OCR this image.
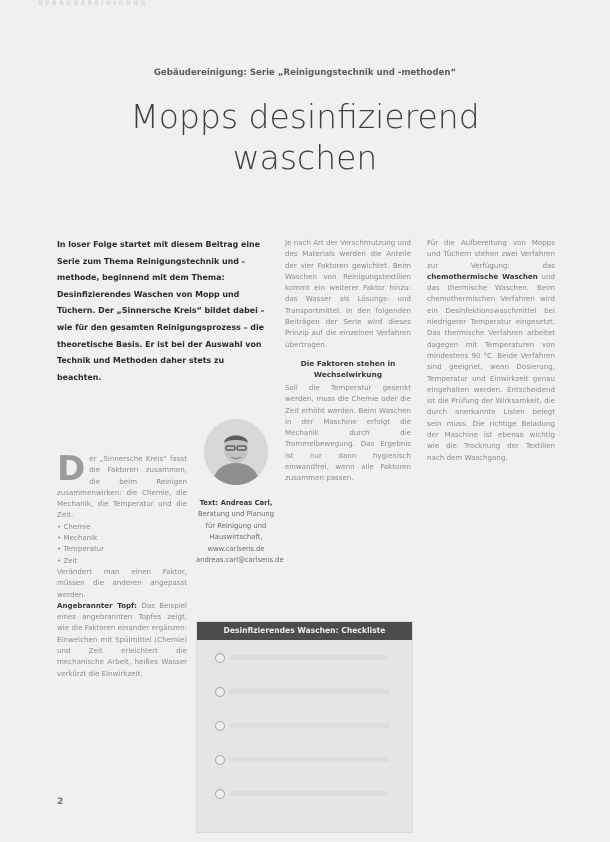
GEBÄUDEREINIGUNG
Gebäudereinigung: Serie „Reinigungstechnik und -methoden“
Mopps desinfizierend
waschen
In loser Folge startet mit diesem Beitrag eine Serie zum Thema Reinigungstechnik und -methode, beginnend mit dem Thema: Desinfizierendes Waschen von Mopp und Tüchern. Der „Sinnersche Kreis“ bildet dabei – wie für den gesamten Reinigungsprozess – die theoretische Basis. Er ist bei der Auswahl von Technik und Methoden daher stets zu beachten.
D er „Sinnersche Kreis“ fasst die Faktoren zusammen, die beim Reinigen zusammenwirken: die Chemie, die Mechanik, die Temperatur und die Zeit.

• Chemie
• Mechanik
• Temperatur
• Zeit

Verändert man einen Faktor, müssen die anderen angepasst werden.

Angebrannter Topf: Das Beispiel eines angebrannten Topfes zeigt, wie die Faktoren einander ergänzen: Einweichen mit Spülmittel (Chemie) und Zeit erleichtert die mechanische Arbeit, heißes Wasser verkürzt die Einwirkzeit.

Je nach Art der Verschmutzung und des Materials werden die Anteile der vier Faktoren gewichtet. Beim Waschen von Reinigungstextilien kommt ein weiterer Faktor hinzu: das Wasser als Lösungs- und Transportmittel. In den folgenden Beiträgen der Serie wird dieses Prinzip auf die einzelnen Verfahren übertragen.

Die Faktoren stehen in Wechselwirkung

Soll die Temperatur gesenkt werden, muss die Chemie oder die Zeit erhöht werden. Beim Waschen in der Maschine erfolgt die Mechanik durch die Trommelbewegung. Das Ergebnis ist nur dann hygienisch einwandfrei, wenn alle Faktoren zusammen passen.

Für die Aufbereitung von Mopps und Tüchern stehen zwei Verfahren zur Verfügung: das chemothermische Waschen und das thermische Waschen. Beim chemothermischen Verfahren wird ein Desinfektionswaschmittel bei niedrigerer Temperatur eingesetzt. Das thermische Verfahren arbeitet dagegen mit Temperaturen von mindestens 90 °C. Beide Verfahren sind geeignet, wenn Dosierung, Temperatur und Einwirkzeit genau eingehalten werden. Entscheidend ist die Prüfung der Wirksamkeit, die durch anerkannte Listen belegt sein muss. Die richtige Beladung der Maschine ist ebenso wichtig wie die Trocknung der Textilien nach dem Waschgang.

Text: Andreas Carl,
Beratung und Planung für Reinigung und Hauswirtschaft,
www.carlsens.de
andreas.carl@carlsens.de
Desinfizierendes Waschen: Checkliste
2
